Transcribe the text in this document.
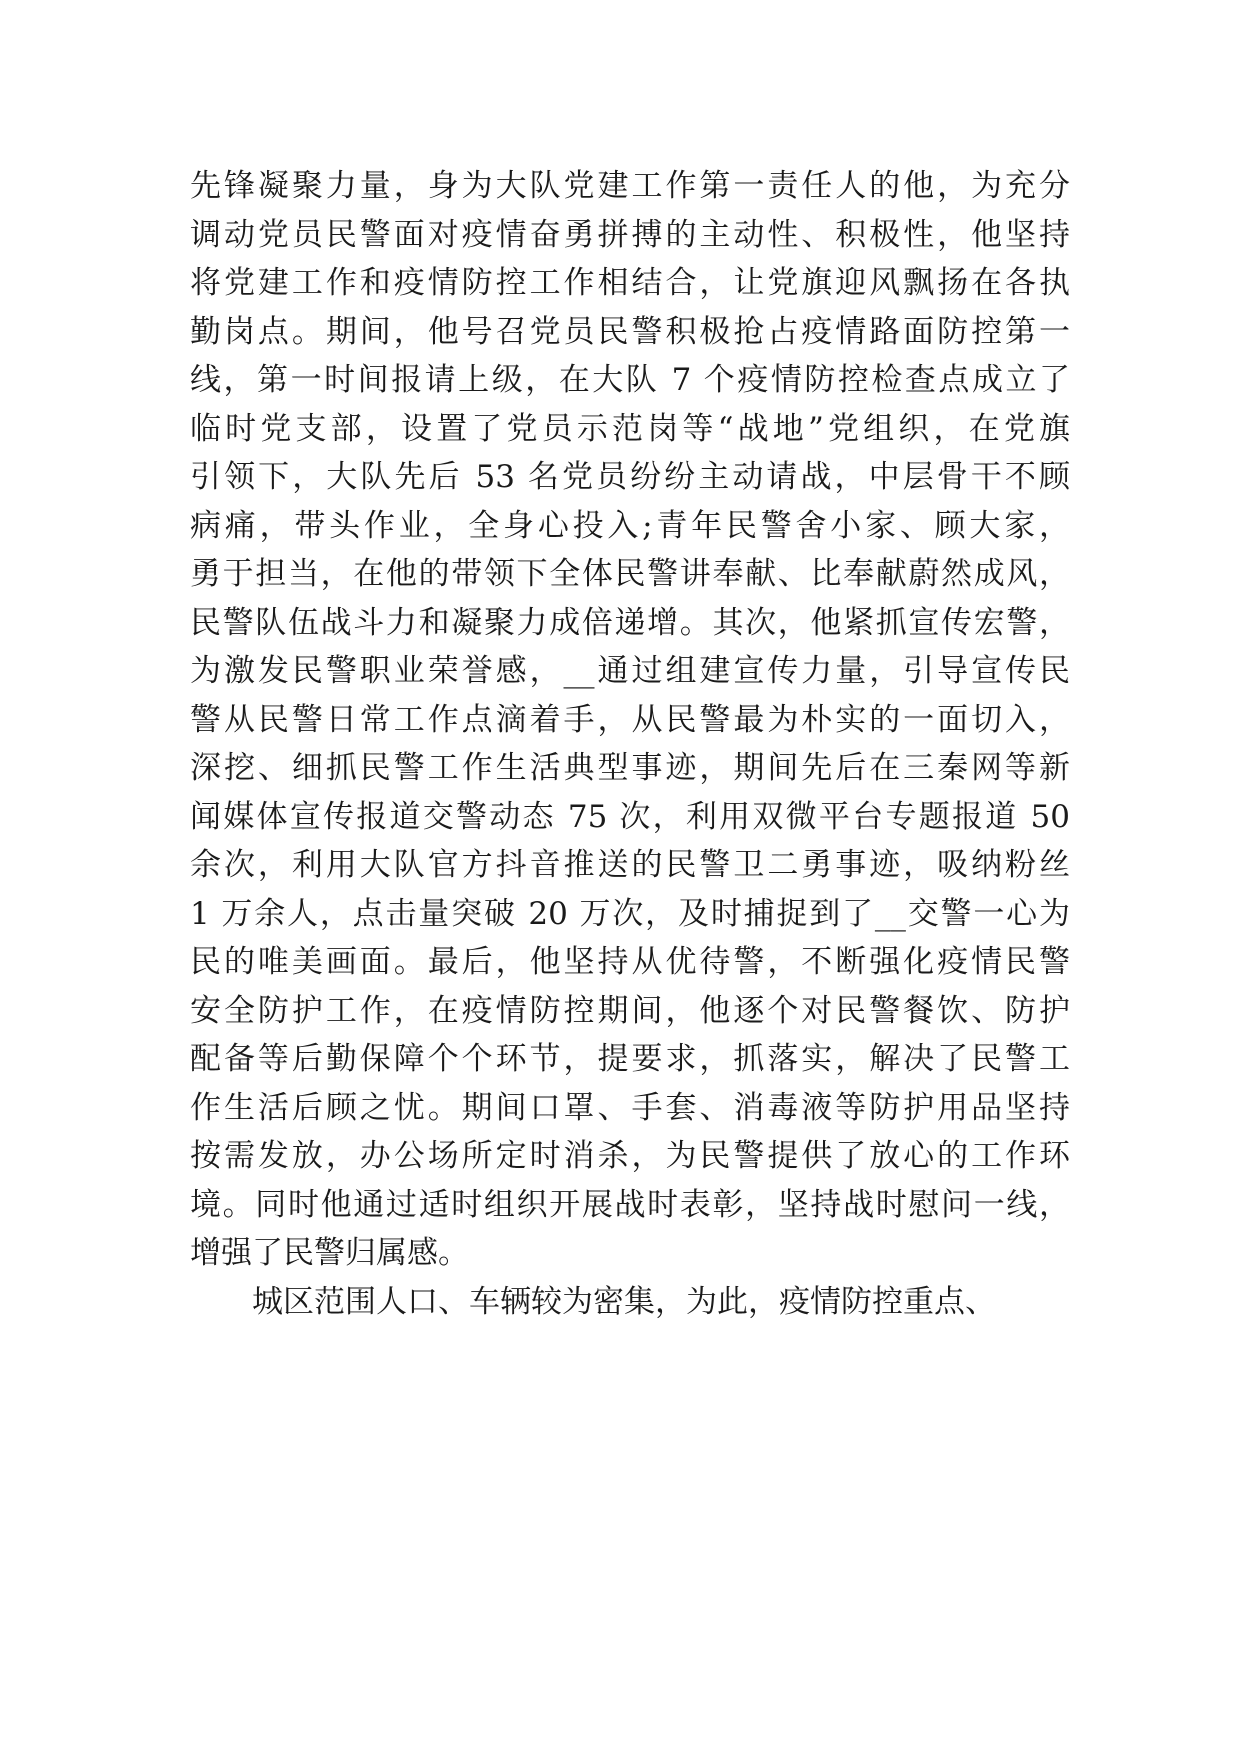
先锋凝聚力量，身为大队党建工作第一责任人的他，为充分
调动党员民警面对疫情奋勇拼搏的主动性、积极性，他坚持
将党建工作和疫情防控工作相结合，让党旗迎风飘扬在各执
勤岗点。期间，他号召党员民警积极抢占疫情路面防控第一
线，第一时间报请上级，在大队 7 个疫情防控检查点成立了
临时党支部，设置了党员示范岗等“战地”党组织，在党旗
引领下，大队先后 53 名党员纷纷主动请战，中层骨干不顾
病痛，带头作业，全身心投入;青年民警舍小家、顾大家，
勇于担当，在他的带领下全体民警讲奉献、比奉献蔚然成风，
民警队伍战斗力和凝聚力成倍递增。其次，他紧抓宣传宏警，
为激发民警职业荣誉感，__通过组建宣传力量，引导宣传民
警从民警日常工作点滴着手，从民警最为朴实的一面切入，
深挖、细抓民警工作生活典型事迹，期间先后在三秦网等新
闻媒体宣传报道交警动态 75 次，利用双微平台专题报道 50
余次，利用大队官方抖音推送的民警卫二勇事迹，吸纳粉丝
1 万余人，点击量突破 20 万次，及时捕捉到了__交警一心为
民的唯美画面。最后，他坚持从优待警，不断强化疫情民警
安全防护工作，在疫情防控期间，他逐个对民警餐饮、防护
配备等后勤保障个个环节，提要求，抓落实，解决了民警工
作生活后顾之忧。期间口罩、手套、消毒液等防护用品坚持
按需发放，办公场所定时消杀，为民警提供了放心的工作环
境。同时他通过适时组织开展战时表彰，坚持战时慰问一线，
增强了民警归属感。
城区范围人口、车辆较为密集，为此，疫情防控重点、
